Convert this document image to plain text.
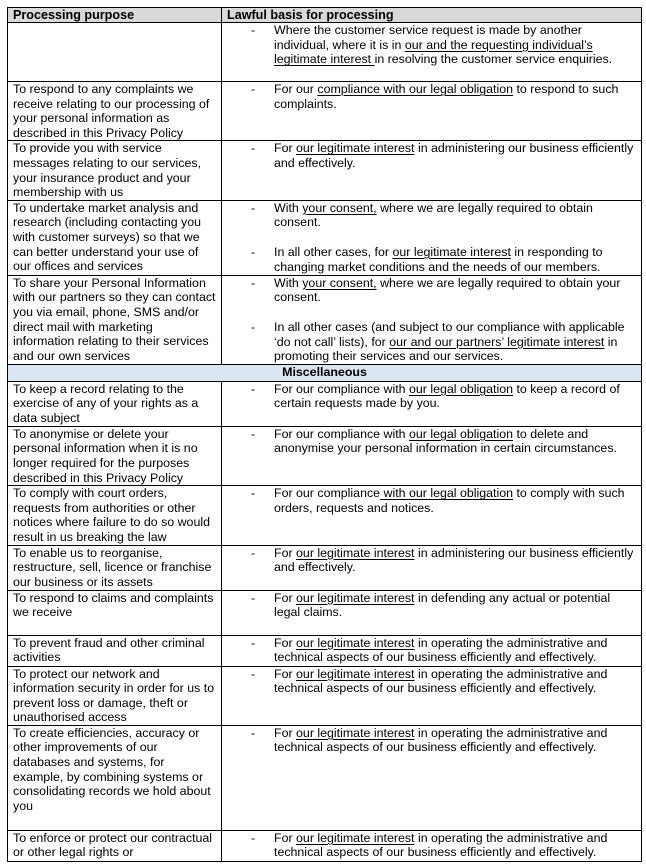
Processing purpose	Lawful basis for processing

	- Where the customer service request is made by another individual, where it is in our and the requesting individual’s legitimate interest in resolving the customer service enquiries.

To respond to any complaints we receive relating to our processing of your personal information as described in this Privacy Policy	- For our compliance with our legal obligation to respond to such complaints.

To provide you with service messages relating to our services, your insurance product and your membership with us	- For our legitimate interest in administering our business efficiently and effectively.

To undertake market analysis and research (including contacting you with customer surveys) so that we can better understand your use of our offices and services	- With your consent, where we are legally required to obtain consent.
- In all other cases, for our legitimate interest in responding to changing market conditions and the needs of our members.

To share your Personal Information with our partners so they can contact you via email, phone, SMS and/or direct mail with marketing information relating to their services and our own services	- With your consent, where we are legally required to obtain your consent.
- In all other cases (and subject to our compliance with applicable ‘do not call’ lists), for our and our partners’ legitimate interest in promoting their services and our services.

Miscellaneous	
To keep a record relating to the exercise of any of your rights as a data subject	- For our compliance with our legal obligation to keep a record of certain requests made by you.

To anonymise or delete your personal information when it is no longer required for the purposes described in this Privacy Policy	- For our compliance with our legal obligation to delete and anonymise your personal information in certain circumstances.

To comply with court orders, requests from authorities or other notices where failure to do so would result in us breaking the law	- For our compliance with our legal obligation to comply with such orders, requests and notices.

To enable us to reorganise, restructure, sell, licence or franchise our business or its assets	- For our legitimate interest in administering our business efficiently and effectively.

To respond to claims and complaints we receive	- For our legitimate interest in defending any actual or potential legal claims.

To prevent fraud and other criminal activities	- For our legitimate interest in operating the administrative and technical aspects of our business efficiently and effectively.

To protect our network and information security in order for us to prevent loss or damage, theft or unauthorised access	- For our legitimate interest in operating the administrative and technical aspects of our business efficiently and effectively.

To create efficiencies, accuracy or other improvements of our databases and systems, for example, by combining systems or consolidating records we hold about you	- For our legitimate interest in operating the administrative and technical aspects of our business efficiently and effectively.

To enforce or protect our contractual or other legal rights or	- For our legitimate interest in operating the administrative and technical aspects of our business efficiently and effectively.
